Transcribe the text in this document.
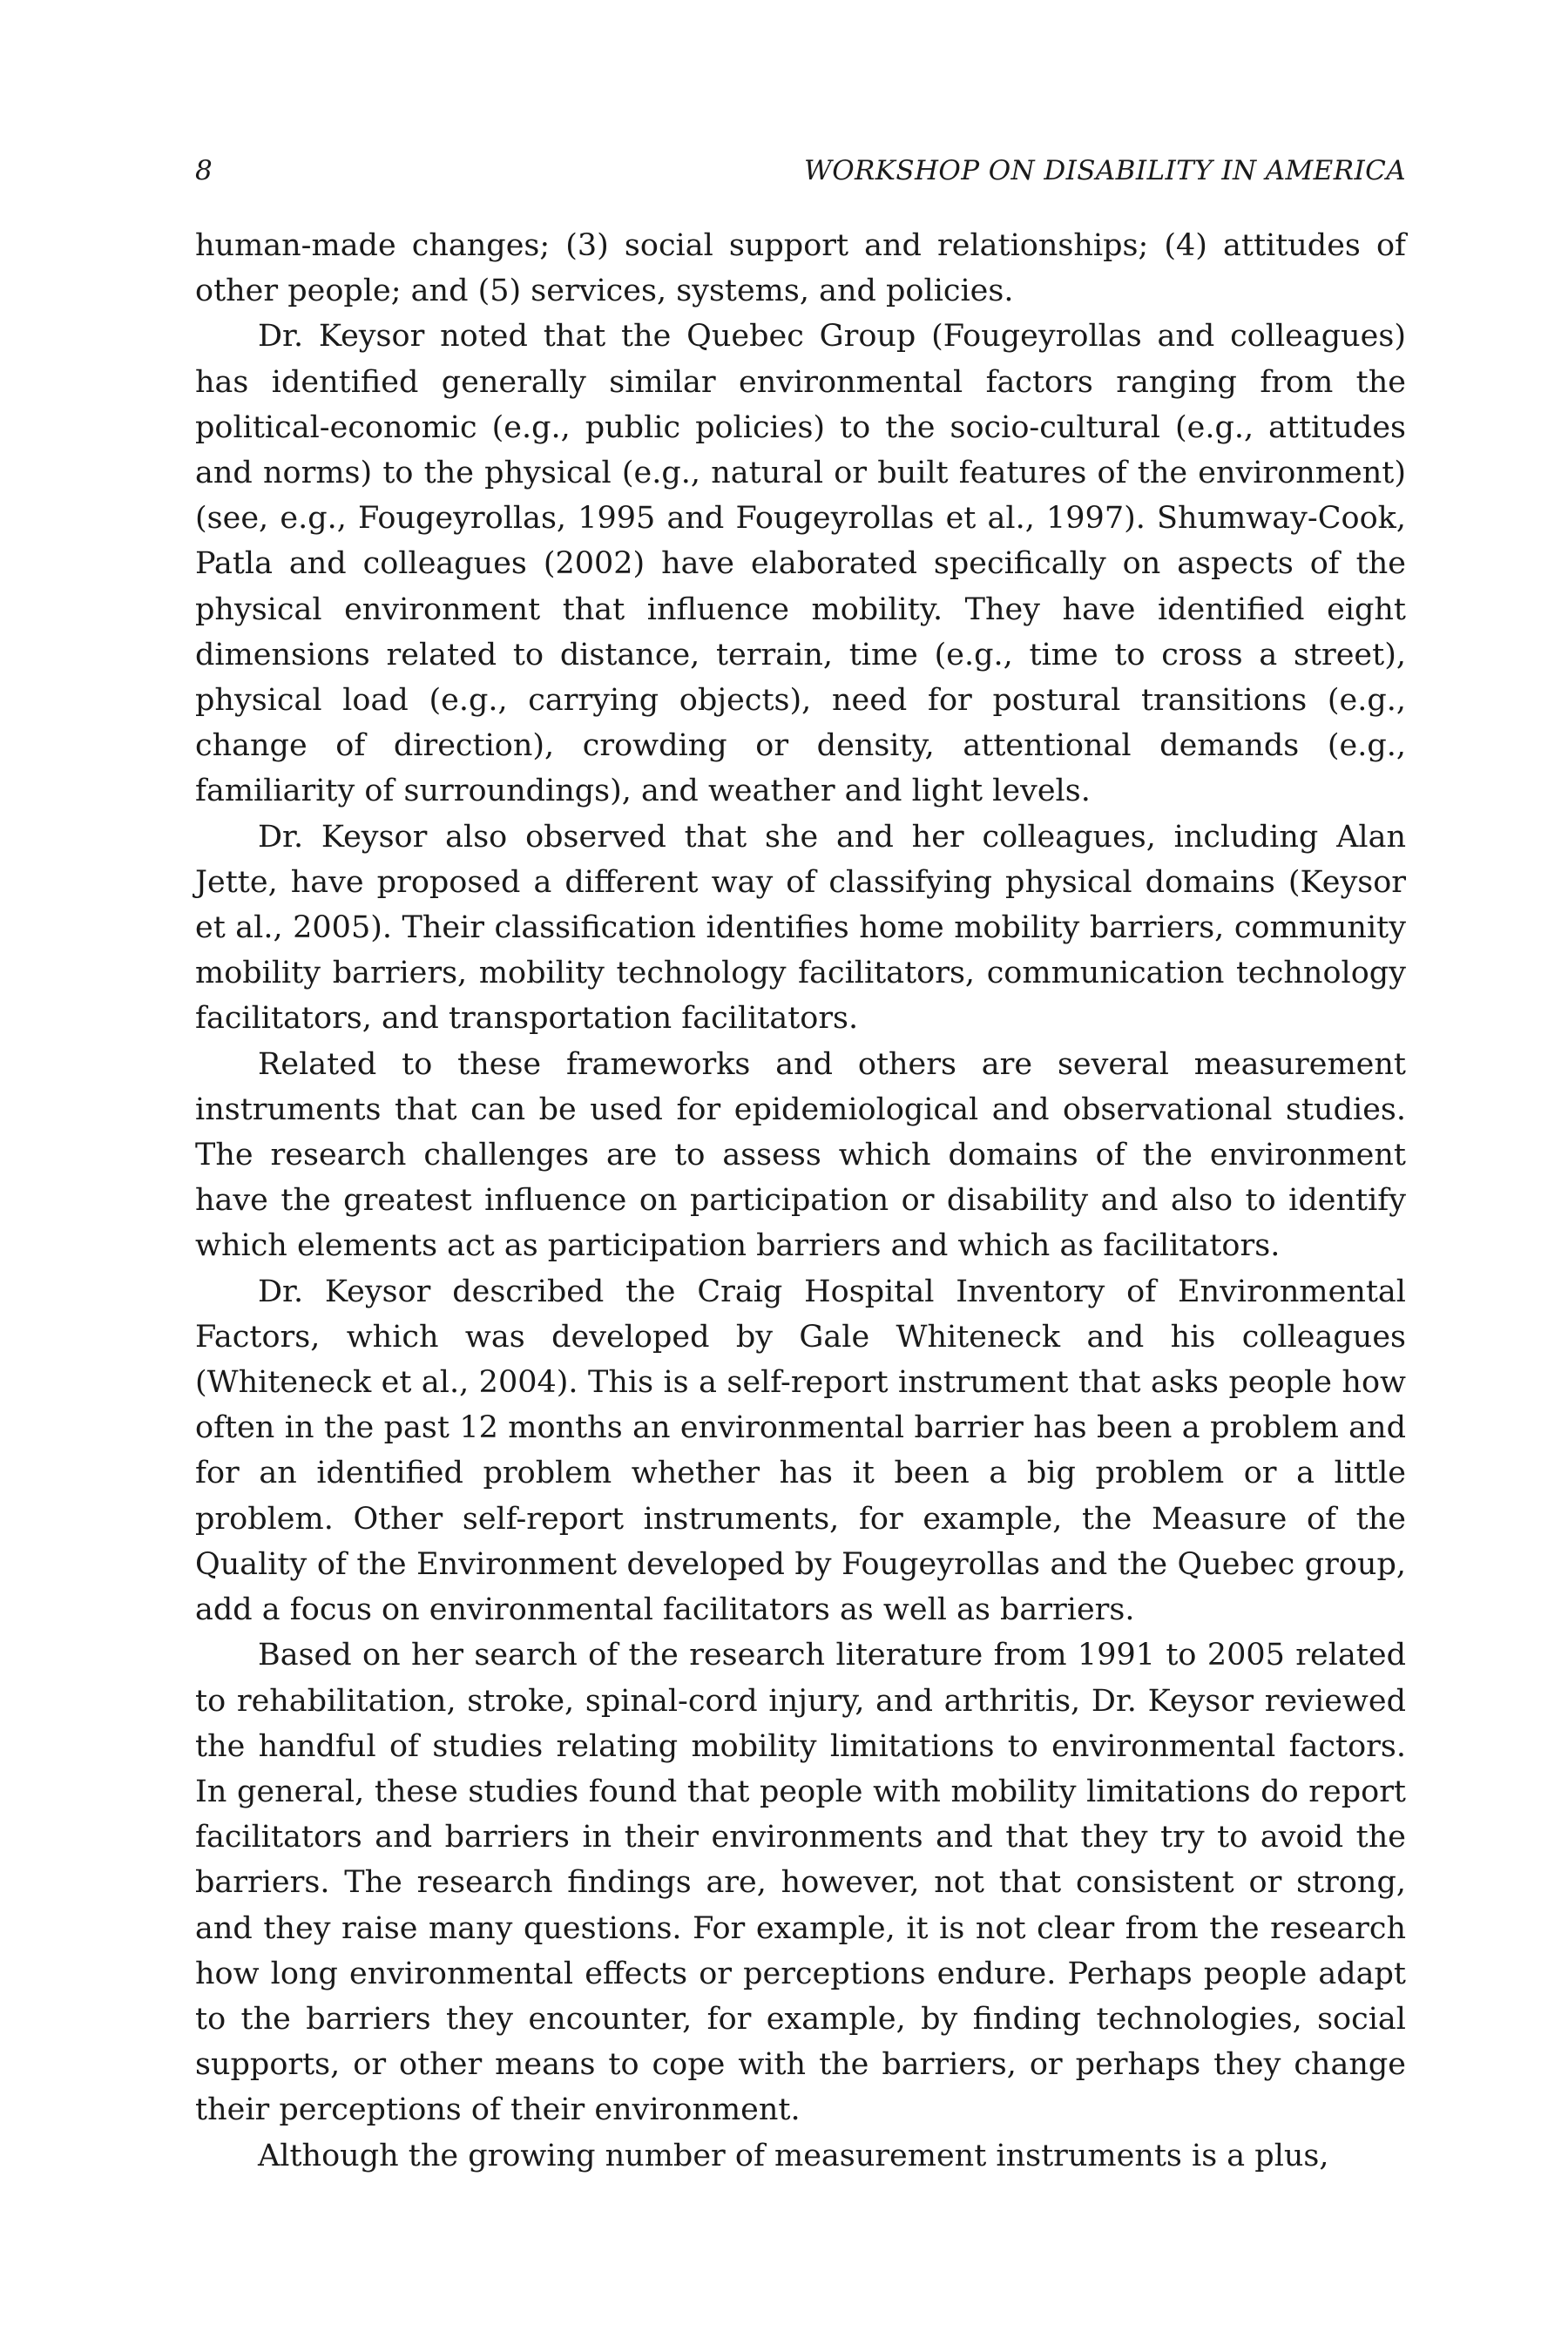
8	WORKSHOP ON DISABILITY IN AMERICA

human-made changes; (3) social support and relationships; (4) attitudes of other people; and (5) services, systems, and policies.

Dr. Keysor noted that the Quebec Group (Fougeyrollas and colleagues) has identified generally similar environmental factors ranging from the political-economic (e.g., public policies) to the socio-cultural (e.g., attitudes and norms) to the physical (e.g., natural or built features of the environment) (see, e.g., Fougeyrollas, 1995 and Fougeyrollas et al., 1997). Shumway-Cook, Patla and colleagues (2002) have elaborated specifically on aspects of the physical environment that influence mobility. They have identified eight dimensions related to distance, terrain, time (e.g., time to cross a street), physical load (e.g., carrying objects), need for postural transitions (e.g., change of direction), crowding or density, attentional demands (e.g., familiarity of surroundings), and weather and light levels.

Dr. Keysor also observed that she and her colleagues, including Alan Jette, have proposed a different way of classifying physical domains (Keysor et al., 2005). Their classification identifies home mobility barriers, community mobility barriers, mobility technology facilitators, communication technology facilitators, and transportation facilitators.

Related to these frameworks and others are several measurement instruments that can be used for epidemiological and observational studies. The research challenges are to assess which domains of the environment have the greatest influence on participation or disability and also to identify which elements act as participation barriers and which as facilitators.

Dr. Keysor described the Craig Hospital Inventory of Environmental Factors, which was developed by Gale Whiteneck and his colleagues (Whiteneck et al., 2004). This is a self-report instrument that asks people how often in the past 12 months an environmental barrier has been a problem and for an identified problem whether has it been a big problem or a little problem. Other self-report instruments, for example, the Measure of the Quality of the Environment developed by Fougeyrollas and the Quebec group, add a focus on environmental facilitators as well as barriers.

Based on her search of the research literature from 1991 to 2005 related to rehabilitation, stroke, spinal-cord injury, and arthritis, Dr. Keysor reviewed the handful of studies relating mobility limitations to environmental factors. In general, these studies found that people with mobility limitations do report facilitators and barriers in their environments and that they try to avoid the barriers. The research findings are, however, not that consistent or strong, and they raise many questions. For example, it is not clear from the research how long environmental effects or perceptions endure. Perhaps people adapt to the barriers they encounter, for example, by finding technologies, social supports, or other means to cope with the barriers, or perhaps they change their perceptions of their environment.

Although the growing number of measurement instruments is a plus,
